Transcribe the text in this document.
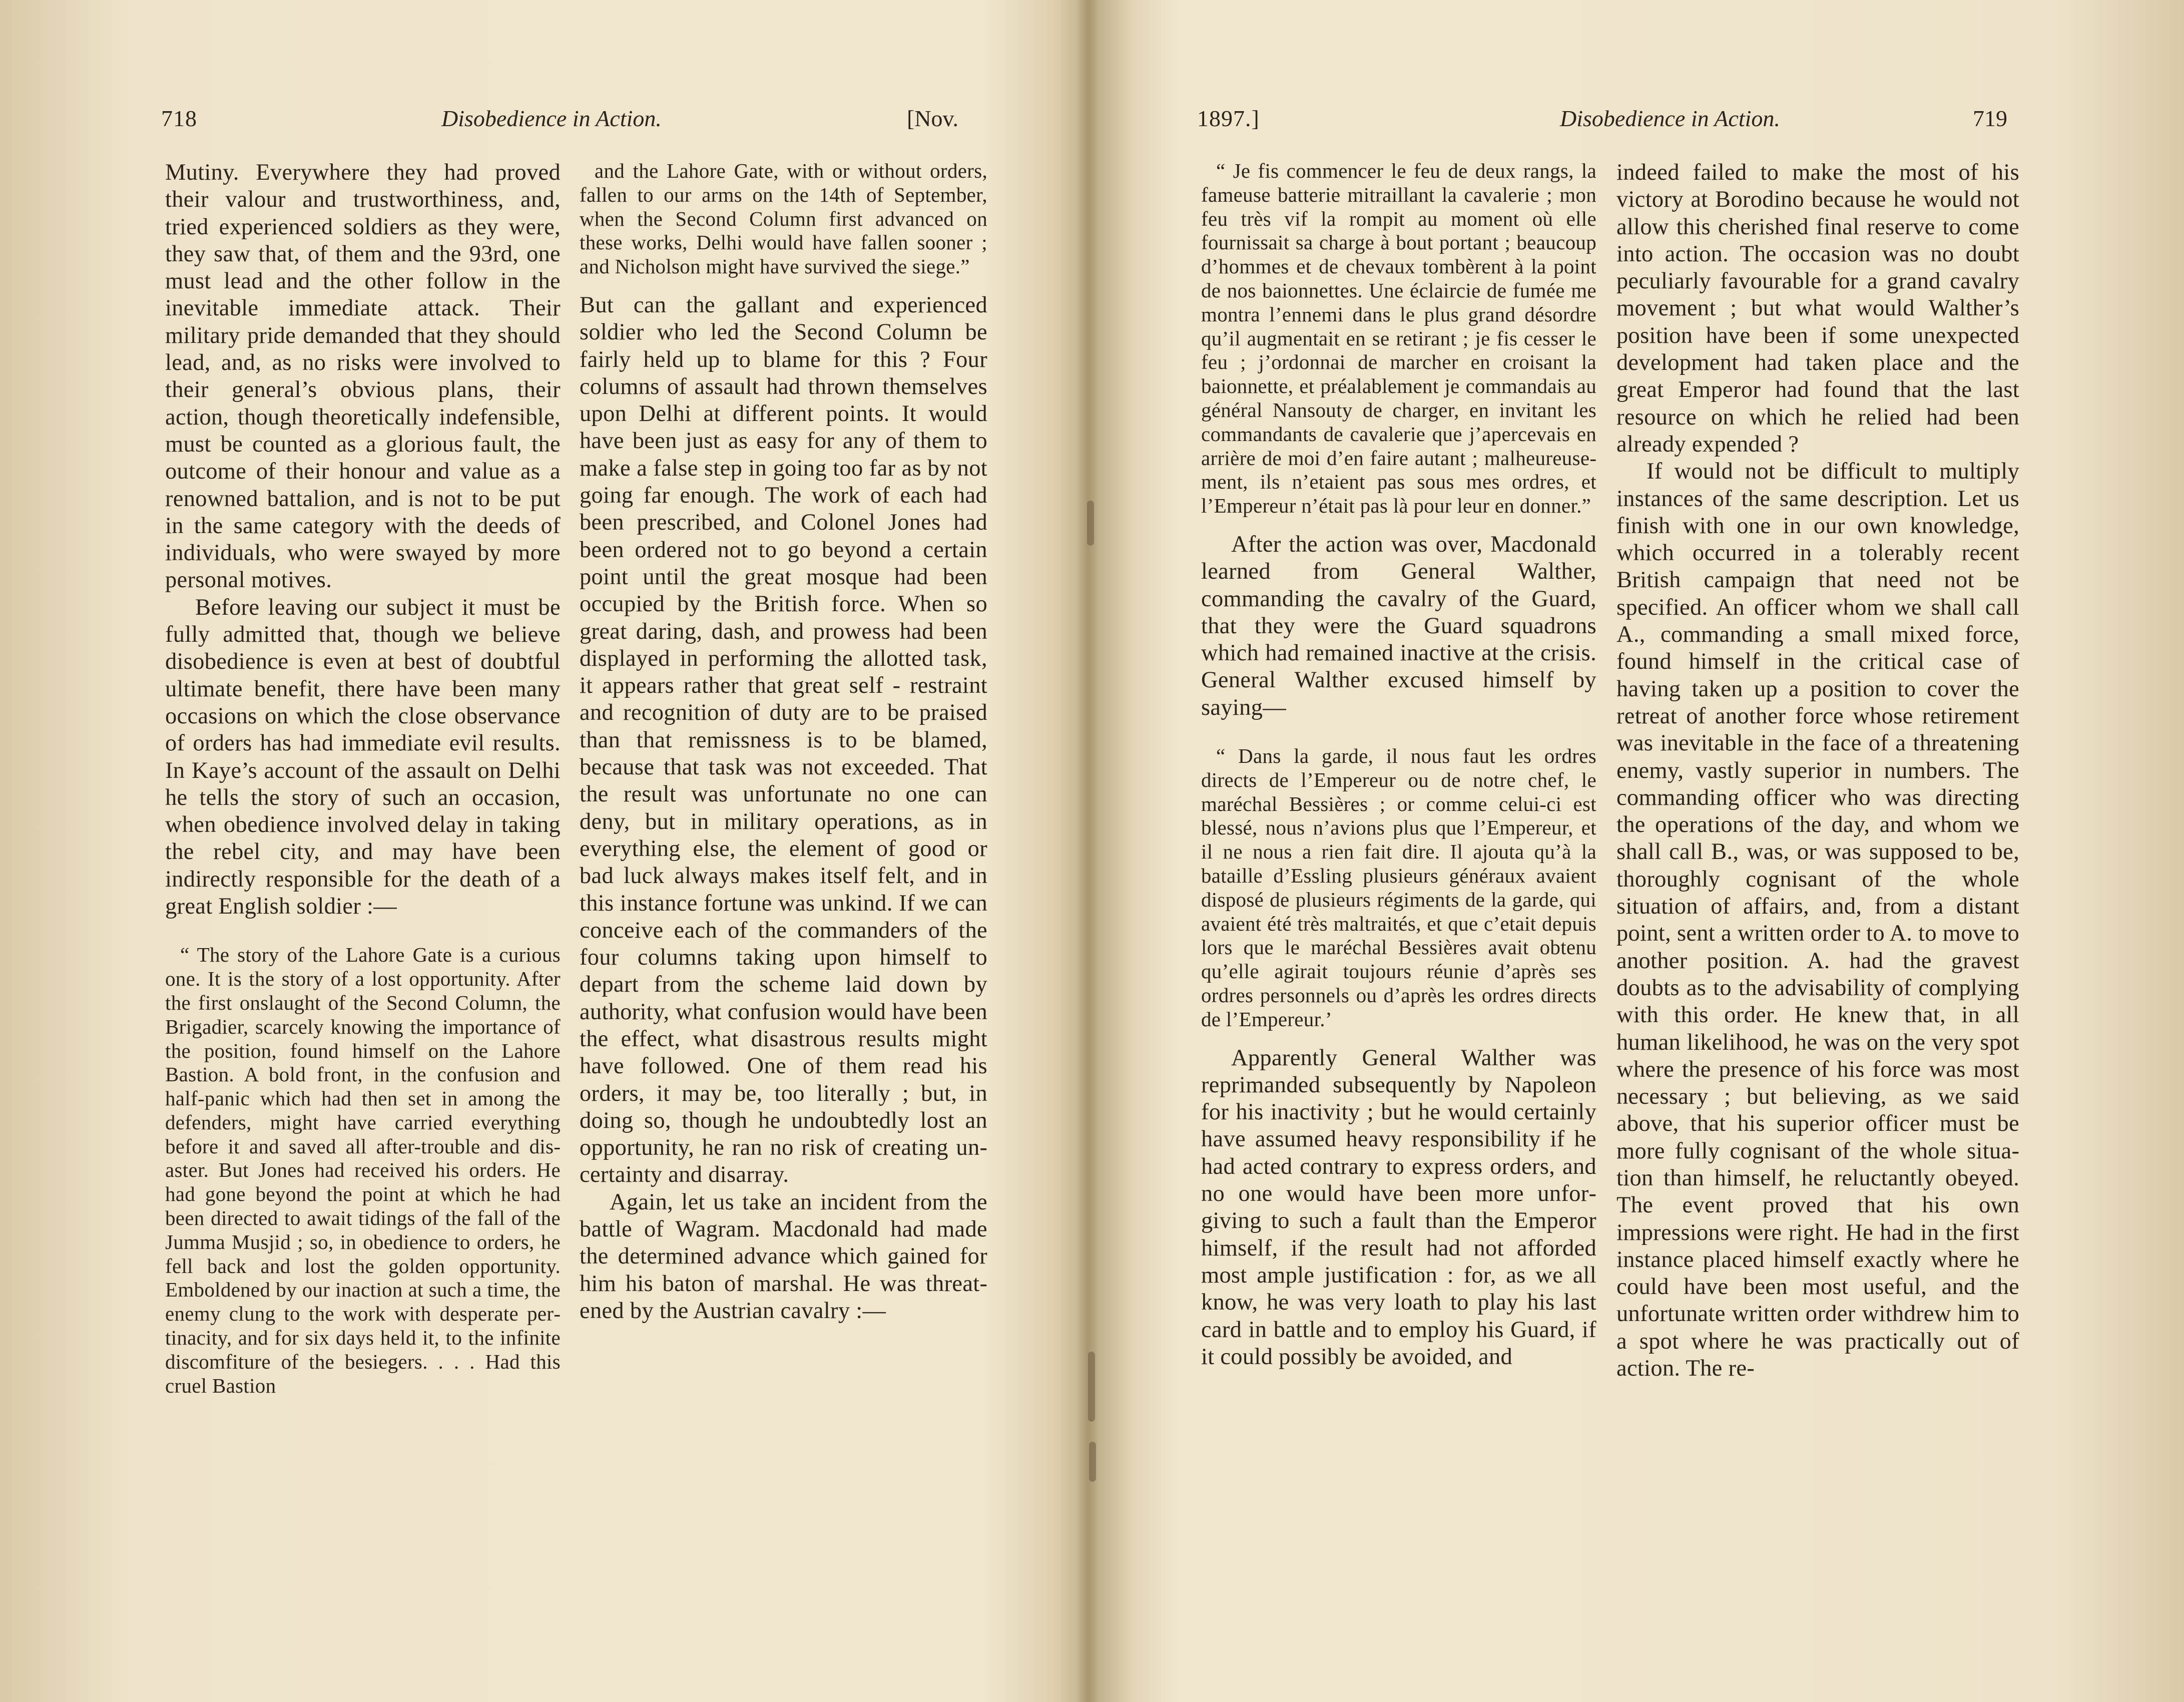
718	Disobedience in Action.	[Nov.

Mutiny. Everywhere they had proved their valour and trustworthiness, and, tried experienced soldiers as they were, they saw that, of them and the 93rd, one must lead and the other follow in the inevitable immediate attack. Their military pride demanded that they should lead, and, as no risks were involved to their general’s obvious plans, their action, though theoretically indefensible, must be counted as a glorious fault, the outcome of their honour and value as a renowned battalion, and is not to be put in the same category with the deeds of individuals, who were swayed by more personal motives.

Before leaving our subject it must be fully admitted that, though we believe disobedience is even at best of doubtful ultimate benefit, there have been many occasions on which the close observance of orders has had immediate evil results. In Kaye’s account of the assault on Delhi he tells the story of such an occasion, when obedience involved delay in taking the rebel city, and may have been indirectly responsible for the death of a great English soldier :—

“ The story of the Lahore Gate is a curious one. It is the story of a lost opportunity. After the first onslaught of the Second Column, the Brigadier, scarcely knowing the importance of the position, found himself on the Lahore Bastion. A bold front, in the confusion and half-panic which had then set in among the defenders, might have carried everything before it and saved all after-trouble and disaster. But Jones had received his orders. He had gone beyond the point at which he had been directed to await tidings of the fall of the Jumma Musjid ; so, in obedience to orders, he fell back and lost the golden opportunity. Emboldened by our inaction at such a time, the enemy clung to the work with desperate pertinacity, and for six days held it, to the infinite discomfiture of the besiegers. . . . Had this cruel Bastion

and the Lahore Gate, with or without orders, fallen to our arms on the 14th of September, when the Second Column first advanced on these works, Delhi would have fallen sooner ; and Nicholson might have survived the siege.”

But can the gallant and experienced soldier who led the Second Column be fairly held up to blame for this ? Four columns of assault had thrown themselves upon Delhi at different points. It would have been just as easy for any of them to make a false step in going too far as by not going far enough. The work of each had been prescribed, and Colonel Jones had been ordered not to go beyond a certain point until the great mosque had been occupied by the British force. When so great daring, dash, and prowess had been displayed in performing the allotted task, it appears rather that great self - restraint and recognition of duty are to be praised than that remissness is to be blamed, because that task was not exceeded. That the result was unfortunate no one can deny, but in military operations, as in everything else, the element of good or bad luck always makes itself felt, and in this instance fortune was unkind. If we can conceive each of the commanders of the four columns taking upon himself to depart from the scheme laid down by authority, what confusion would have been the effect, what disastrous results might have followed. One of them read his orders, it may be, too literally ; but, in doing so, though he undoubtedly lost an opportunity, he ran no risk of creating uncertainty and disarray.

Again, let us take an incident from the battle of Wagram. Macdonald had made the determined advance which gained for him his baton of marshal. He was threatened by the Austrian cavalry :—

1897.]	Disobedience in Action.	719

“ Je fis commencer le feu de deux rangs, la fameuse batterie mitraillant la cavalerie ; mon feu très vif la rompit au moment où elle fournissait sa charge à bout portant ; beaucoup d’hommes et de chevaux tombèrent à la point de nos baionnettes. Une éclaircie de fumée me montra l’ennemi dans le plus grand désordre qu’il augmentait en se retirant ; je fis cesser le feu ; j’ordonnai de marcher en croisant la baionnette, et préalablement je commandais au général Nansouty de charger, en invitant les commandants de cavalerie que j’apercevais en arrière de moi d’en faire autant ; malheureusement, ils n’etaient pas sous mes ordres, et l’Empereur n’était pas là pour leur en donner.”

After the action was over, Macdonald learned from General Walther, commanding the cavalry of the Guard, that they were the Guard squadrons which had remained inactive at the crisis. General Walther excused himself by saying—

“ Dans la garde, il nous faut les ordres directs de l’Empereur ou de notre chef, le maréchal Bessières ; or comme celui-ci est blessé, nous n’avions plus que l’Empereur, et il ne nous a rien fait dire. Il ajouta qu’à la bataille d’Essling plusieurs généraux avaient disposé de plusieurs régiments de la garde, qui avaient été très maltraités, et que c’etait depuis lors que le maréchal Bessières avait obtenu qu’elle agirait toujours réunie d’après ses ordres personnels ou d’après les ordres directs de l’Empereur.’

Apparently General Walther was reprimanded subsequently by Napoleon for his inactivity ; but he would certainly have assumed heavy responsibility if he had acted contrary to express orders, and no one would have been more unforgiving to such a fault than the Emperor himself, if the result had not afforded most ample justification : for, as we all know, he was very loath to play his last card in battle and to employ his Guard, if it could possibly be avoided, and

indeed failed to make the most of his victory at Borodino because he would not allow this cherished final reserve to come into action. The occasion was no doubt peculiarly favourable for a grand cavalry movement ; but what would Walther’s position have been if some unexpected development had taken place and the great Emperor had found that the last resource on which he relied had been already expended ?

If would not be difficult to multiply instances of the same description. Let us finish with one in our own knowledge, which occurred in a tolerably recent British campaign that need not be specified. An officer whom we shall call A., commanding a small mixed force, found himself in the critical case of having taken up a position to cover the retreat of another force whose retirement was inevitable in the face of a threatening enemy, vastly superior in numbers. The commanding officer who was directing the operations of the day, and whom we shall call B., was, or was supposed to be, thoroughly cognisant of the whole situation of affairs, and, from a distant point, sent a written order to A. to move to another position. A. had the gravest doubts as to the advisability of complying with this order. He knew that, in all human likelihood, he was on the very spot where the presence of his force was most necessary ; but believing, as we said above, that his superior officer must be more fully cognisant of the whole situation than himself, he reluctantly obeyed. The event proved that his own impressions were right. He had in the first instance placed himself exactly where he could have been most useful, and the unfortunate written order withdrew him to a spot where he was practically out of action. The re-
